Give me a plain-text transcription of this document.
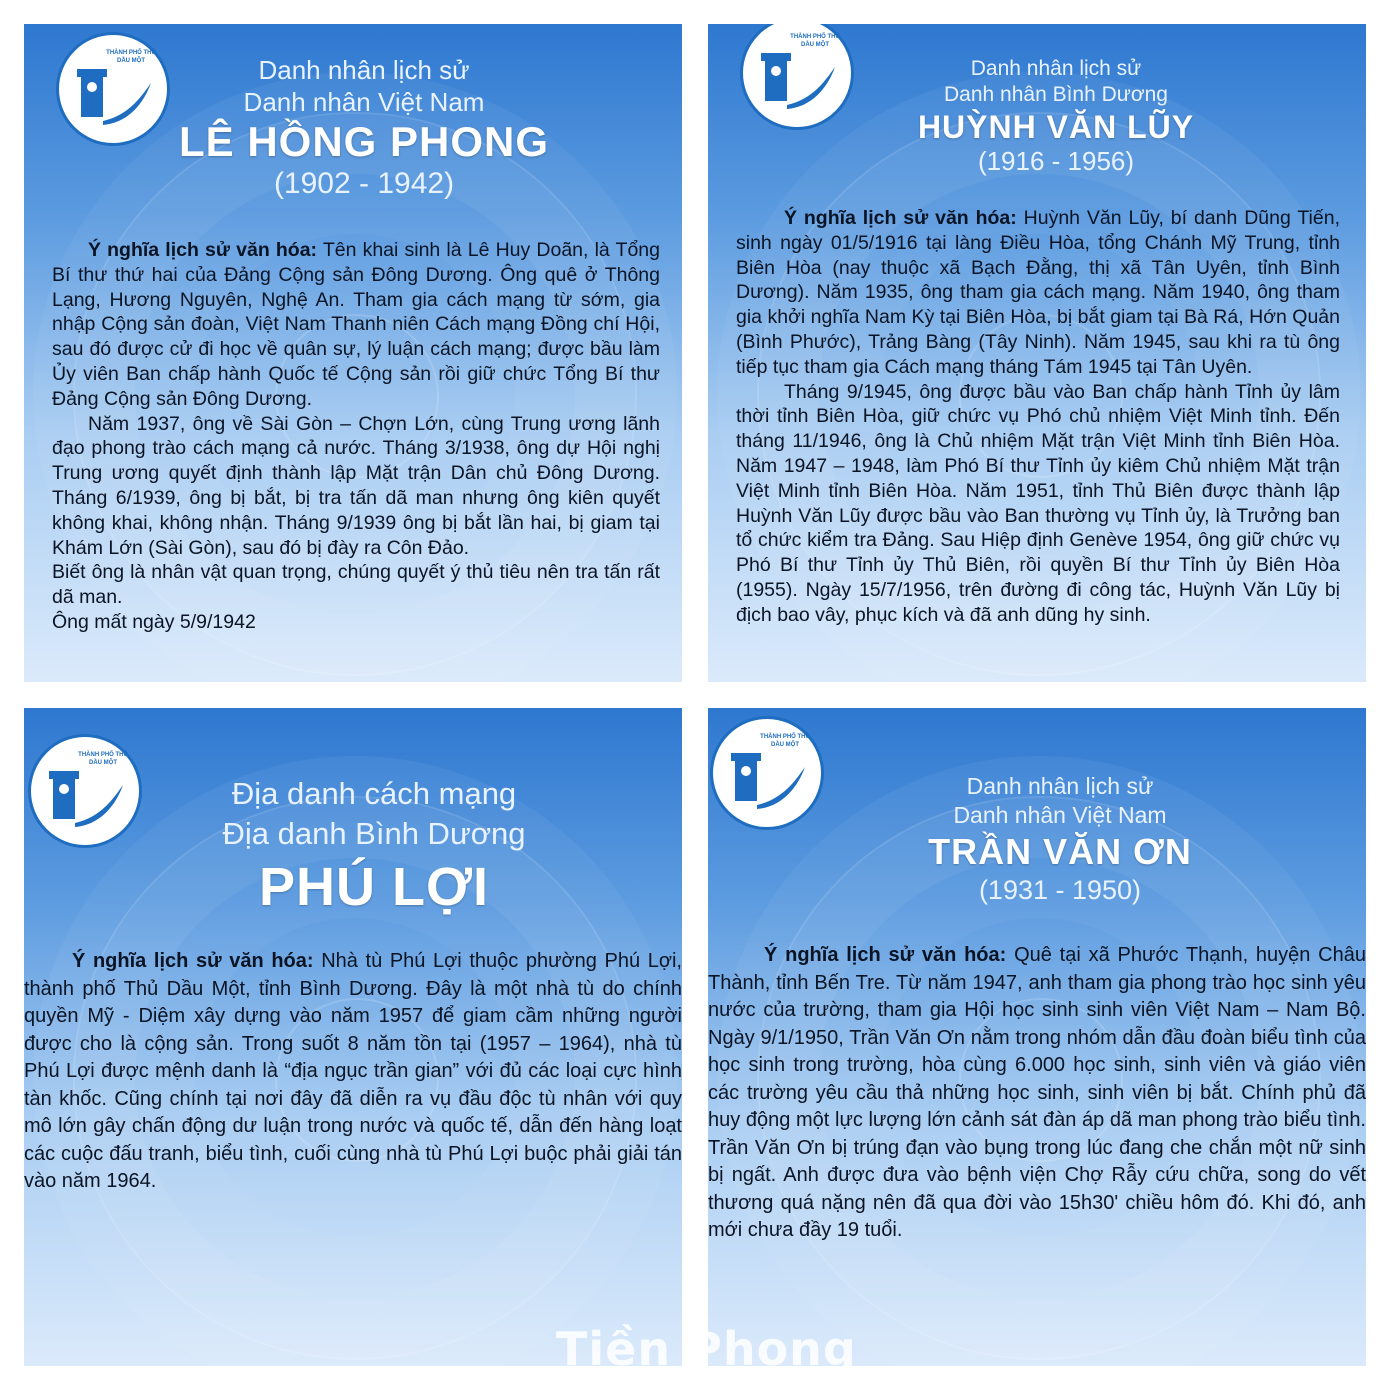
THÀNH PHỐ THỦ DẦU MỘT	Danh nhân lịch sử
Danh nhân Việt Nam
LÊ HỒNG PHONG
(1902 - 1942)

Ý nghĩa lịch sử văn hóa: Tên khai sinh là Lê Huy Doãn, là Tổng Bí thư thứ hai của Đảng Cộng sản Đông Dương. Ông quê ở Thông Lạng, Hương Nguyên, Nghệ An. Tham gia cách mạng từ sớm, gia nhập Cộng sản đoàn, Việt Nam Thanh niên Cách mạng Đồng chí Hội, sau đó được cử đi học về quân sự, lý luận cách mạng; được bầu làm Ủy viên Ban chấp hành Quốc tế Cộng sản rồi giữ chức Tổng Bí thư Đảng Cộng sản Đông Dương.

Năm 1937, ông về Sài Gòn – Chợn Lớn, cùng Trung ương lãnh đạo phong trào cách mạng cả nước. Tháng 3/1938, ông dự Hội nghị Trung ương quyết định thành lập Mặt trận Dân chủ Đông Dương. Tháng 6/1939, ông bị bắt, bị tra tấn dã man nhưng ông kiên quyết không khai, không nhận. Tháng 9/1939 ông bị bắt lần hai, bị giam tại Khám Lớn (Sài Gòn), sau đó bị đày ra Côn Đảo.

Biết ông là nhân vật quan trọng, chúng quyết ý thủ tiêu nên tra tấn rất dã man.

Ông mất ngày 5/9/1942

THÀNH PHỐ THỦ DẦU MỘT
Danh nhân lịch sử
Danh nhân Bình Dương
HUỲNH VĂN LŨY
(1916 - 1956)

Ý nghĩa lịch sử văn hóa: Huỳnh Văn Lũy, bí danh Dũng Tiến, sinh ngày 01/5/1916 tại làng Điều Hòa, tổng Chánh Mỹ Trung, tỉnh Biên Hòa (nay thuộc xã Bạch Đằng, thị xã Tân Uyên, tỉnh Bình Dương). Năm 1935, ông tham gia cách mạng. Năm 1940, ông tham gia khởi nghĩa Nam Kỳ tại Biên Hòa, bị bắt giam tại Bà Rá, Hớn Quản (Bình Phước), Trảng Bàng (Tây Ninh). Năm 1945, sau khi ra tù ông tiếp tục tham gia Cách mạng tháng Tám 1945 tại Tân Uyên.

Tháng 9/1945, ông được bầu vào Ban chấp hành Tỉnh ủy lâm thời tỉnh Biên Hòa, giữ chức vụ Phó chủ nhiệm Việt Minh tỉnh. Đến tháng 11/1946, ông là Chủ nhiệm Mặt trận Việt Minh tỉnh Biên Hòa. Năm 1947 – 1948, làm Phó Bí thư Tỉnh ủy kiêm Chủ nhiệm Mặt trận Việt Minh tỉnh Biên Hòa. Năm 1951, tỉnh Thủ Biên được thành lập Huỳnh Văn Lũy được bầu vào Ban thường vụ Tỉnh ủy, là Trưởng ban tổ chức kiểm tra Đảng. Sau Hiệp định Genève 1954, ông giữ chức vụ Phó Bí thư Tỉnh ủy Thủ Biên, rồi quyền Bí thư Tỉnh ủy Biên Hòa (1955). Ngày 15/7/1956, trên đường đi công tác, Huỳnh Văn Lũy bị địch bao vây, phục kích và đã anh dũng hy sinh.

THÀNH PHỐ THỦ DẦU MỘT
Địa danh cách mạng
Địa danh Bình Dương
PHÚ LỢI

Ý nghĩa lịch sử văn hóa: Nhà tù Phú Lợi thuộc phường Phú Lợi, thành phố Thủ Dầu Một, tỉnh Bình Dương. Đây là một nhà tù do chính quyền Mỹ - Diệm xây dựng vào năm 1957 để giam cầm những người được cho là cộng sản. Trong suốt 8 năm tồn tại (1957 – 1964), nhà tù Phú Lợi được mệnh danh là “địa ngục trần gian” với đủ các loại cực hình tàn khốc. Cũng chính tại nơi đây đã diễn ra vụ đầu độc tù nhân với quy mô lớn gây chấn động dư luận trong nước và quốc tế, dẫn đến hàng loạt các cuộc đấu tranh, biểu tình, cuối cùng nhà tù Phú Lợi buộc phải giải tán vào năm 1964.

THÀNH PHỐ THỦ DẦU MỘT
Danh nhân lịch sử
Danh nhân Việt Nam
TRẦN VĂN ƠN
(1931 - 1950)

Ý nghĩa lịch sử văn hóa: Quê tại xã Phước Thạnh, huyện Châu Thành, tỉnh Bến Tre. Từ năm 1947, anh tham gia phong trào học sinh yêu nước của trường, tham gia Hội học sinh sinh viên Việt Nam – Nam Bộ. Ngày 9/1/1950, Trần Văn Ơn nằm trong nhóm dẫn đầu đoàn biểu tình của học sinh trong trường, hòa cùng 6.000 học sinh, sinh viên và giáo viên các trường yêu cầu thả những học sinh, sinh viên bị bắt. Chính phủ đã huy động một lực lượng lớn cảnh sát đàn áp dã man phong trào biểu tình. Trần Văn Ơn bị trúng đạn vào bụng trong lúc đang che chắn một nữ sinh bị ngất. Anh được đưa vào bệnh viện Chợ Rẫy cứu chữa, song do vết thương quá nặng nên đã qua đời vào 15h30' chiều hôm đó. Khi đó, anh mới chưa đầy 19 tuổi.

Tiền Phong
